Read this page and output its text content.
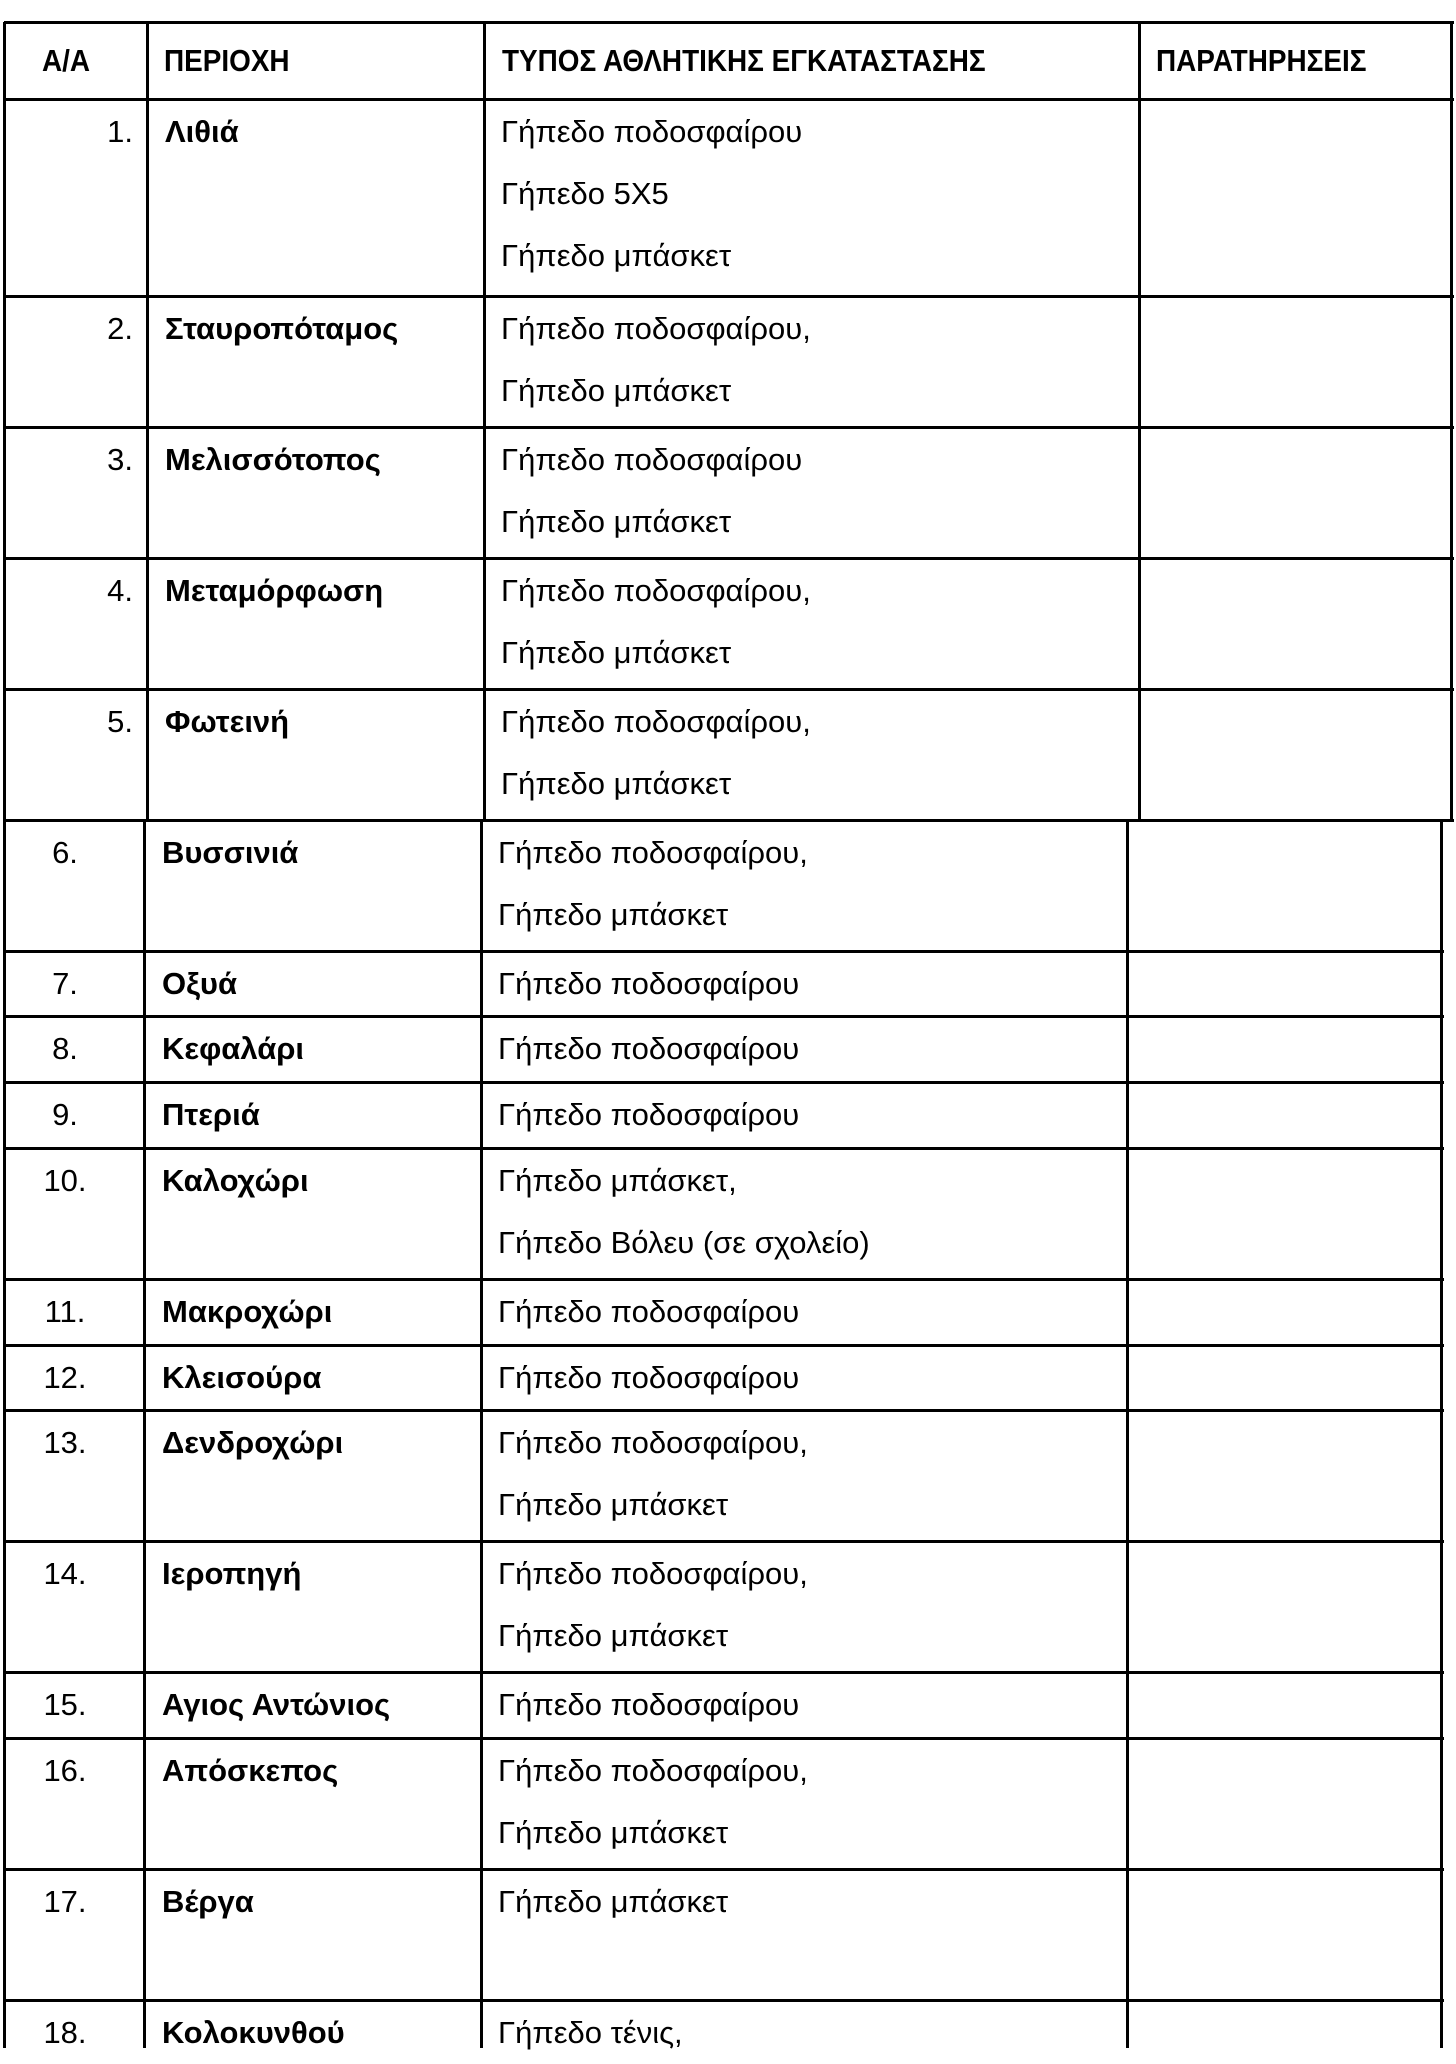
Α/Α ΠΕΡΙΟΧΗ	ΤΥΠΟΣ ΑΘΛΗΤΙΚΗΣ ΕΓΚΑΤΑΣΤΑΣΗΣ	ΠΑΡΑΤΗΡΗΣΕΙΣ
1. Λιθιά	Γήπεδο ποδοσφαίρου
Γήπεδο 5Χ5
Γήπεδο μπάσκετ
2. Σταυροπόταμος	Γήπεδο ποδοσφαίρου,
Γήπεδο μπάσκετ
3. Μελισσότοπος	Γήπεδο ποδοσφαίρου
Γήπεδο μπάσκετ
4. Μεταμόρφωση	Γήπεδο ποδοσφαίρου,
Γήπεδο μπάσκετ
5. Φωτεινή	Γήπεδο ποδοσφαίρου,
Γήπεδο μπάσκετ
6.	Βυσσινιά	Γήπεδο ποδοσφαίρου,
Γήπεδο μπάσκετ
7.	Οξυά	Γήπεδο ποδοσφαίρου
8.	Κεφαλάρι	Γήπεδο ποδοσφαίρου
9.	Πτεριά	Γήπεδο ποδοσφαίρου
10.	Καλοχώρι	Γήπεδο μπάσκετ,
Γήπεδο Βόλευ (σε σχολείο)
11.	Μακροχώρι	Γήπεδο ποδοσφαίρου
12.	Κλεισούρα	Γήπεδο ποδοσφαίρου
13.	Δενδροχώρι	Γήπεδο ποδοσφαίρου,
Γήπεδο μπάσκετ
14.	Ιεροπηγή	Γήπεδο ποδοσφαίρου,
Γήπεδο μπάσκετ
15.	Αγιος Αντώνιος	Γήπεδο ποδοσφαίρου
16.	Απόσκεπος	Γήπεδο ποδοσφαίρου,
Γήπεδο μπάσκετ
17.	Βέργα	Γήπεδο μπάσκετ
18.	Κολοκυνθού	Γήπεδο τένις,
